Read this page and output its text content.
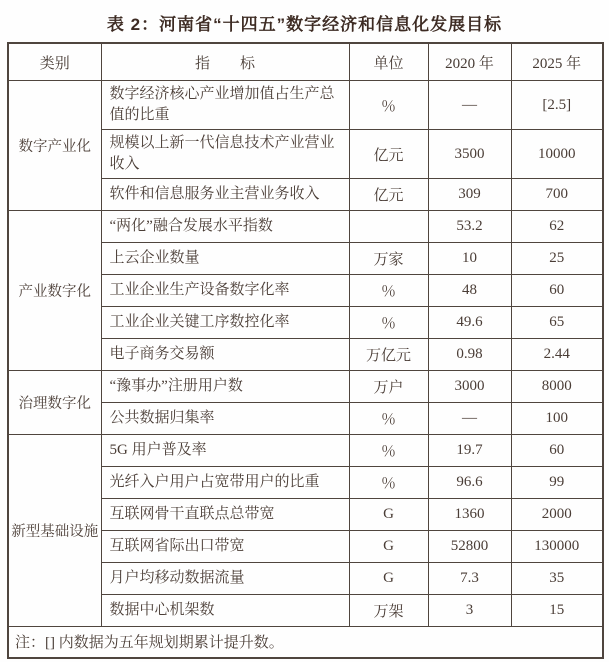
表 2：河南省“十四五”数字经济和信息化发展目标
类别	指　　标	单位	2020 年	2025 年
数字产业化	数字经济核心产业增加值占生产总值的比重	％	—	[2.5]
	规模以上新一代信息技术产业营业收入	亿元	3500	10000
	软件和信息服务业主营业务收入	亿元	309	700
产业数字化	“两化”融合发展水平指数		53.2	62
	上云企业数量	万家	10	25
	工业企业生产设备数字化率	％	48	60
	工业企业关键工序数控化率	％	49.6	65
	电子商务交易额	万亿元	0.98	2.44
治理数字化	“豫事办”注册用户数	万户	3000	8000
	公共数据归集率	％	—	100
新型基础设施	5G 用户普及率	％	19.7	60
	光纤入户用户占宽带用户的比重	％	96.6	99
	互联网骨干直联点总带宽	G	1360	2000
	互联网省际出口带宽	G	52800	130000
	月户均移动数据流量	G	7.3	35
	数据中心机架数	万架	3	15
注：[] 内数据为五年规划期累计提升数。				
